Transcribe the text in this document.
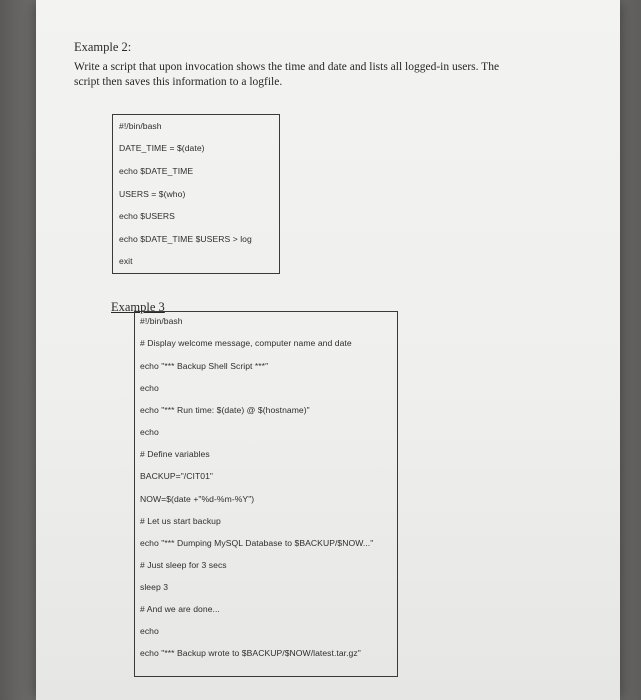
Example 2:

Write a script that upon invocation shows the time and date and lists all logged-in users. The script then saves this information to a logfile.

#!/bin/bash
DATE_TIME = $(date)
echo $DATE_TIME
USERS = $(who)
echo $USERS
echo $DATE_TIME $USERS > log
exit
Example 3
#!/bin/bash
# Display welcome message, computer name and date
echo "*** Backup Shell Script ***"
echo
echo "*** Run time: $(date) @ $(hostname)"
echo
# Define variables
BACKUP="/CIT01"
NOW=$(date +"%d-%m-%Y")
# Let us start backup
echo "*** Dumping MySQL Database to $BACKUP/$NOW..."
# Just sleep for 3 secs
sleep 3
# And we are done...
echo
echo "*** Backup wrote to $BACKUP/$NOW/latest.tar.gz"
